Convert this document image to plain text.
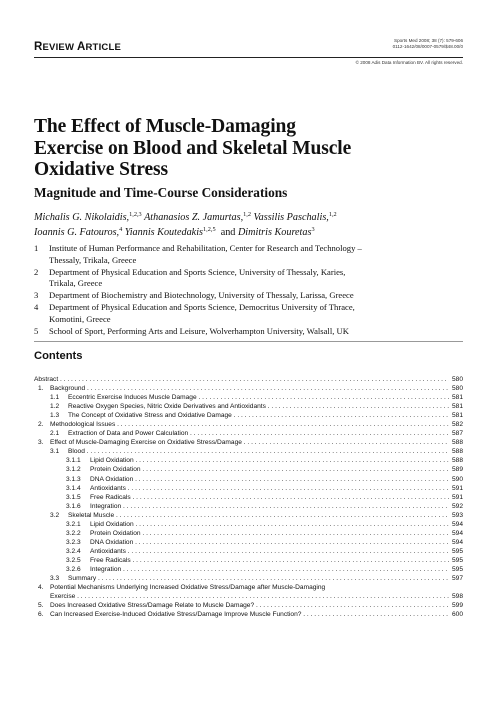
REVIEW ARTICLE
Sports Med 2008; 38 (7): 579-606
0112-1642/08/0007-0579/$48.00/0
© 2008 Adis Data Information BV. All rights reserved.
The Effect of Muscle-Damaging
Exercise on Blood and Skeletal Muscle
Oxidative Stress
Magnitude and Time-Course Considerations
Michalis G. Nikolaidis,$^{1,2,3}$ Athanasios Z. Jamurtas,$^{1,2}$ Vassilis Paschalis,$^{1,2}$
Ioannis G. Fatouros,$^4$ Yiannis Koutedakis$^{1,2,5}$ and Dimitris Kouretas$^3$
1 Institute of Human Performance and Rehabilitation, Center for Research and Technology –
Thessaly, Trikala, Greece
2 Department of Physical Education and Sports Science, University of Thessaly, Karies,
Trikala, Greece
3 Department of Biochemistry and Biotechnology, University of Thessaly, Larissa, Greece
4 Department of Physical Education and Sports Science, Democritus University of Thrace,
Komotini, Greece
5 School of Sport, Performing Arts and Leisure, Wolverhampton University, Walsall, UK
Contents
Abstract . . .	580
1. Background . . .	580
1.1 Eccentric Exercise Induces Muscle Damage . . .	581
1.2 Reactive Oxygen Species, Nitric Oxide Derivatives and Antioxidants . . .	581
1.3 The Concept of Oxidative Stress and Oxidative Damage . . .	581
2. Methodological Issues . . .	582
2.1 Extraction of Data and Power Calculation . . .	587
3. Effect of Muscle-Damaging Exercise on Oxidative Stress/Damage . . .	588
3.1 Blood . . .	588
3.1.1 Lipid Oxidation . . .	588
3.1.2 Protein Oxidation . . .	589
3.1.3 DNA Oxidation . . .	590
3.1.4 Antioxidants . . .	591
3.1.5 Free Radicals . . .	591
3.1.6 Integration . . .	592
3.2 Skeletal Muscle . . .	593
3.2.1 Lipid Oxidation . . .	594
3.2.2 Protein Oxidation . . .	594
3.2.3 DNA Oxidation . . .	594
3.2.4 Antioxidants . . .	595
3.2.5 Free Radicals . . .	595
3.2.6 Integration . . .	595
3.3 Summary . . .	597
4. Potential Mechanisms Underlying Increased Oxidative Stress/Damage after Muscle-Damaging
Exercise . . .	598
5. Does Increased Oxidative Stress/Damage Relate to Muscle Damage? . . .	599
6. Can Increased Exercise-Induced Oxidative Stress/Damage Improve Muscle Function? . . .	600
